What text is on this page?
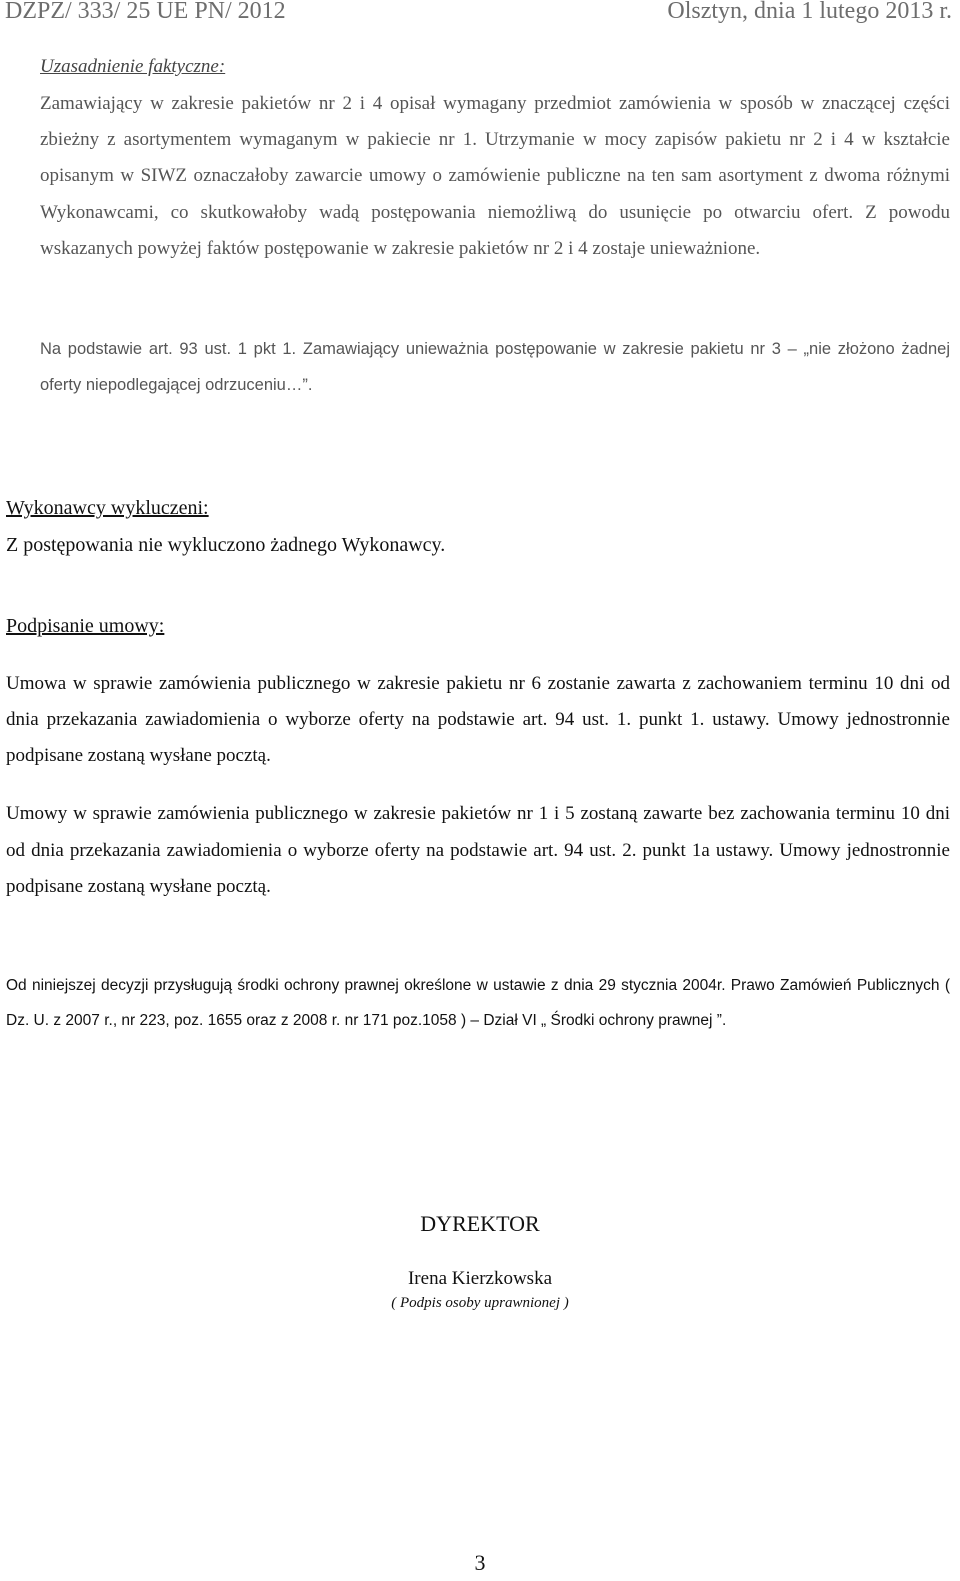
DZPZ/ 333/ 25 UE PN/ 2012	Olsztyn, dnia 1 lutego 2013 r.
Uzasadnienie faktyczne:

Zamawiający w zakresie pakietów nr 2 i 4 opisał wymagany przedmiot zamówienia w sposób w znaczącej części zbieżny z asortymentem wymaganym w pakiecie nr 1. Utrzymanie w mocy zapisów pakietu nr 2 i 4 w kształcie opisanym w SIWZ oznaczałoby zawarcie umowy o zamówienie publiczne na ten sam asortyment z dwoma różnymi Wykonawcami, co skutkowałoby wadą postępowania niemożliwą do usunięcie po otwarciu ofert. Z powodu wskazanych powyżej faktów postępowanie w zakresie pakietów nr 2 i 4 zostaje unieważnione.

Na podstawie art. 93 ust. 1 pkt 1. Zamawiający unieważnia postępowanie w zakresie pakietu nr 3 – „nie złożono żadnej oferty niepodlegającej odrzuceniu…”.

Wykonawcy wykluczeni:

Z postępowania nie wykluczono żadnego Wykonawcy.

Podpisanie umowy:

Umowa w sprawie zamówienia publicznego w zakresie pakietu nr 6 zostanie zawarta z zachowaniem terminu 10 dni od dnia przekazania zawiadomienia o wyborze oferty na podstawie art. 94 ust. 1. punkt 1. ustawy. Umowy jednostronnie podpisane zostaną wysłane pocztą.

Umowy w sprawie zamówienia publicznego w zakresie pakietów nr 1 i 5 zostaną zawarte bez zachowania terminu 10 dni od dnia przekazania zawiadomienia o wyborze oferty na podstawie art. 94 ust. 2. punkt 1a ustawy. Umowy jednostronnie podpisane zostaną wysłane pocztą.

Od niniejszej decyzji przysługują środki ochrony prawnej określone w ustawie z dnia 29 stycznia 2004r. Prawo Zamówień Publicznych ( Dz. U. z 2007 r., nr 223, poz. 1655 oraz z 2008 r. nr 171 poz.1058 ) – Dział VI „ Środki ochrony prawnej ”.

DYREKTOR
Irena Kierzkowska
( Podpis osoby uprawnionej )
3
